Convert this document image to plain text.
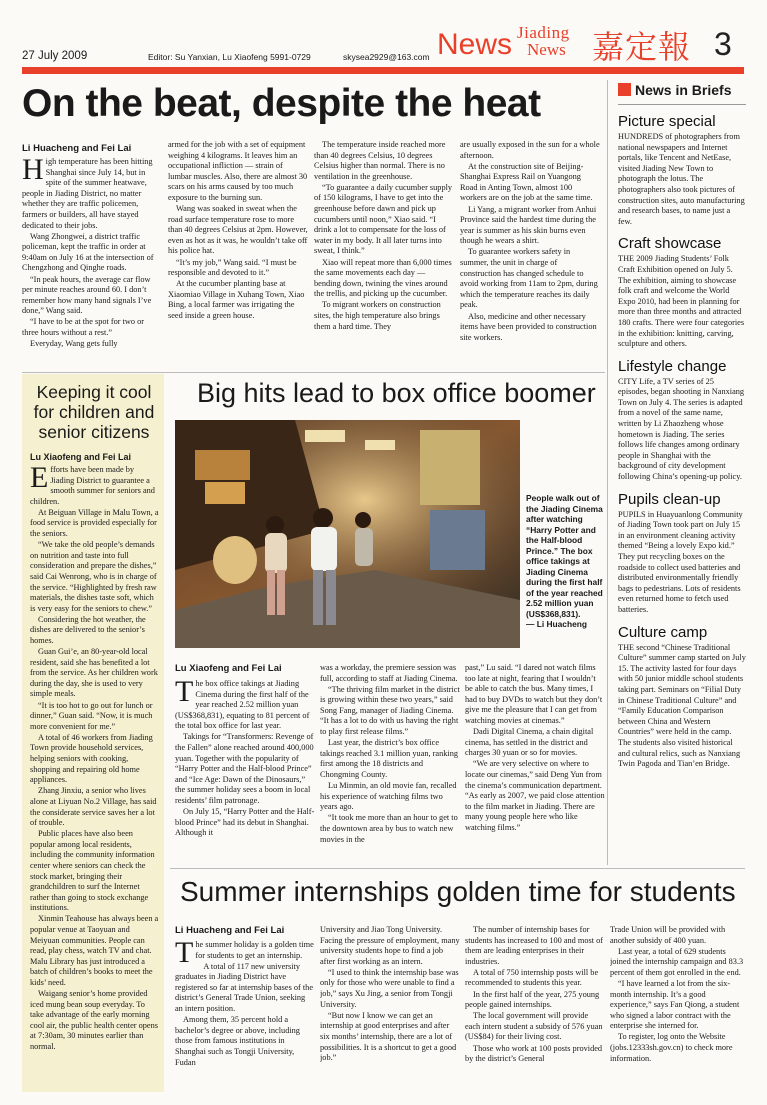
27 July 2009	Editor: Su Yanxian, Lu Xiaofeng 5991-0729	skysea2929@163.com News Jiading
News 嘉定報 3
On the beat, despite the heat
Li Huacheng and Fei Lai

High temperature has been hitting Shanghai since July 14, but in spite of the summer heatwave, people in Jiading District, no matter whether they are traffic policemen, farmers or builders, all have stayed dedicated to their jobs.

Wang Zhongwei, a district traffic policeman, kept the traffic in order at 9:40am on July 16 at the intersection of Chengzhong and Qinghe roads.

“In peak hours, the average car flow per minute reaches around 60. I don’t remember how many hand signals I’ve done,” Wang said.

“I have to be at the spot for two or three hours without a rest.”

Everyday, Wang gets fully

armed for the job with a set of equipment weighing 4 kilograms. It leaves him an occupational infliction — strain of lumbar muscles. Also, there are almost 30 scars on his arms caused by too much exposure to the burning sun.

Wang was soaked in sweat when the road surface temperature rose to more than 40 degrees Celsius at 2pm. However, even as hot as it was, he wouldn’t take off his police hat.

“It’s my job,” Wang said. “I must be responsible and devoted to it.”

At the cucumber planting base at Xiaomiao Village in Xuhang Town, Xiao Bing, a local farmer was irrigating the seed inside a green house.

The temperature inside reached more than 40 degrees Celsius, 10 degrees Celsius higher than normal. There is no ventilation in the greenhouse.

“To guarantee a daily cucumber supply of 150 kilograms, I have to get into the greenhouse before dawn and pick up cucumbers until noon,” Xiao said. “I drink a lot to compensate for the loss of water in my body. It all later turns into sweat, I think.”

Xiao will repeat more than 6,000 times the same movements each day — bending down, twining the vines around the trellis, and picking up the cucumber.

To migrant workers on construction sites, the high temperature also brings them a hard time. They

are usually exposed in the sun for a whole afternoon.

At the construction site of Beijing-Shanghai Express Rail on Yuangong Road in Anting Town, almost 100 workers are on the job at the same time.

Li Yang, a migrant worker from Anhui Province said the hardest time during the year is summer as his skin burns even though he wears a shirt.

To guarantee workers safety in summer, the unit in charge of construction has changed schedule to avoid working from 11am to 2pm, during which the temperature reaches its daily peak.

Also, medicine and other necessary items have been provided to construction site workers.

Keeping it cool for children and senior citizens
Lu Xiaofeng and Fei Lai

Efforts have been made by Jiading District to guarantee a smooth summer for seniors and children.

At Beiguan Village in Malu Town, a food service is provided especially for the seniors.

“We take the old people’s demands on nutrition and taste into full consideration and prepare the dishes,” said Cai Wenrong, who is in charge of the service. “Highlighted by fresh raw materials, the dishes taste soft, which is very easy for the seniors to chew.”

Considering the hot weather, the dishes are delivered to the senior’s homes.

Guan Gui’e, an 80-year-old local resident, said she has benefited a lot from the service. As her children work during the day, she is used to very simple meals.

“It is too hot to go out for lunch or dinner,” Guan said. “Now, it is much more convenient for me.”

A total of 46 workers from Jiading Town provide household services, helping seniors with cooking, shopping and repairing old home appliances.

Zhang Jinxiu, a senior who lives alone at Liyuan No.2 Village, has said the considerate service saves her a lot of trouble.

Public places have also been popular among local residents, including the community information center where seniors can check the stock market, bringing their grandchildren to surf the Internet rather than going to stock exchange institutions.

Xinmin Teahouse has always been a popular venue at Taoyuan and Meiyuan communities. People can read, play chess, watch TV and chat. Malu Library has just introduced a batch of children’s books to meet the kids’ need.

Waigang senior’s home provided iced mung bean soup everyday. To take advantage of the early morning cool air, the public health center opens at 7:30am, 30 minutes earlier than normal.

Big hits lead to box office boomer
People walk out of the Jiading Cinema after watching “Harry Potter and the Half-blood Prince.” The box office takings at Jiading Cinema during the first half of the year reached 2.52 million yuan (US$368,831).
— Li Huacheng
Lu Xiaofeng and Fei Lai

The box office takings at Jiading Cinema during the first half of the year reached 2.52 million yuan (US$368,831), equating to 81 percent of the total box office for last year.

Takings for “Transformers: Revenge of the Fallen” alone reached around 400,000 yuan. Together with the popularity of “Harry Potter and the Half-blood Prince” and “Ice Age: Dawn of the Dinosaurs,” the summer holiday sees a boom in local residents’ film patronage.

On July 15, “Harry Potter and the Half-blood Prince” had its debut in Shanghai. Although it

was a workday, the premiere session was full, according to staff at Jiading Cinema.

“The thriving film market in the district is growing within these two years,” said Song Fang, manager of Jiading Cinema. “It has a lot to do with us having the right to play first release films.”

Last year, the district’s box office takings reached 3.1 million yuan, ranking first among the 18 districts and Chongming County.

Lu Minmin, an old movie fan, recalled his experience of watching films two years ago.

“It took me more than an hour to get to the downtown area by bus to watch new movies in the

past,” Lu said. “I dared not watch films too late at night, fearing that I wouldn’t be able to catch the bus. Many times, I had to buy DVDs to watch but they don’t give me the pleasure that I can get from watching movies at cinemas.”

Dadi Digital Cinema, a chain digital cinema, has settled in the district and charges 30 yuan or so for movies.

“We are very selective on where to locate our cinemas,” said Deng Yun from the cinema’s communication department. “As early as 2007, we paid close attention to the film market in Jiading. There are many young people here who like watching films.”

Summer internships golden time for students
Li Huacheng and Fei Lai

The summer holiday is a golden time for students to get an internship.

A total of 117 new university graduates in Jiading District have registered so far at internship bases of the district’s General Trade Union, seeking an intern position.

Among them, 35 percent hold a bachelor’s degree or above, including those from famous institutions in Shanghai such as Tongji University, Fudan

University and Jiao Tong University. Facing the pressure of employment, many university students hope to find a job after first working as an intern.

“I used to think the internship base was only for those who were unable to find a job,” says Xu Jing, a senior from Tongji University.

“But now I know we can get an internship at good enterprises and after six months’ internship, there are a lot of possibilities. It is a shortcut to get a good job.”

The number of internship bases for students has increased to 100 and most of them are leading enterprises in their industries.

A total of 750 internship posts will be recommended to students this year.

In the first half of the year, 275 young people gained internships.

The local government will provide each intern student a subsidy of 576 yuan (US$84) for their living cost.

Those who work at 100 posts provided by the district’s General

Trade Union will be provided with another subsidy of 400 yuan.

Last year, a total of 629 students joined the internship campaign and 83.3 percent of them got enrolled in the end.

“I have learned a lot from the six-month internship. It’s a good experience,” says Fan Qiong, a student who signed a labor contract with the enterprise she interned for.

To register, log onto the Website (jobs.12333sh.gov.cn) to check more information.

News in Briefs
Picture special
HUNDREDS of photographers from national newspapers and Internet portals, like Tencent and NetEase, visited Jiading New Town to photograph the lotus. The photographers also took pictures of construction sites, auto manufacturing and research bases, to name just a few.
Craft showcase
THE 2009 Jiading Students’ Folk Craft Exhibition opened on July 5. The exhibition, aiming to showcase folk craft and welcome the World Expo 2010, had been in planning for more than three months and attracted 180 crafts. There were four categories in the exhibition: knitting, carving, sculpture and others.
Lifestyle change
CITY Life, a TV series of 25 episodes, began shooting in Nanxiang Town on July 4. The series is adapted from a novel of the same name, written by Li Zhaozheng whose hometown is Jiading. The series follows life changes among ordinary people in Shanghai with the background of city development following China’s opening-up policy.
Pupils clean-up
PUPILS in Huayuanlong Community of Jiading Town took part on July 15 in an environment cleaning activity themed “Being a lovely Expo kid.” They put recycling boxes on the roadside to collect used batteries and distributed environmentally friendly bags to pedestrians. Lots of residents even returned home to fetch used batteries.
Culture camp
THE second “Chinese Traditional Culture” summer camp started on July 15. The activity lasted for four days with 50 junior middle school students taking part. Seminars on “Filial Duty in Chinese Traditional Culture” and “Family Education Comparison between China and Western Countries” were held in the camp. The students also visited historical and cultural relics, such as Nanxiang Twin Pagoda and Tian’en Bridge.
